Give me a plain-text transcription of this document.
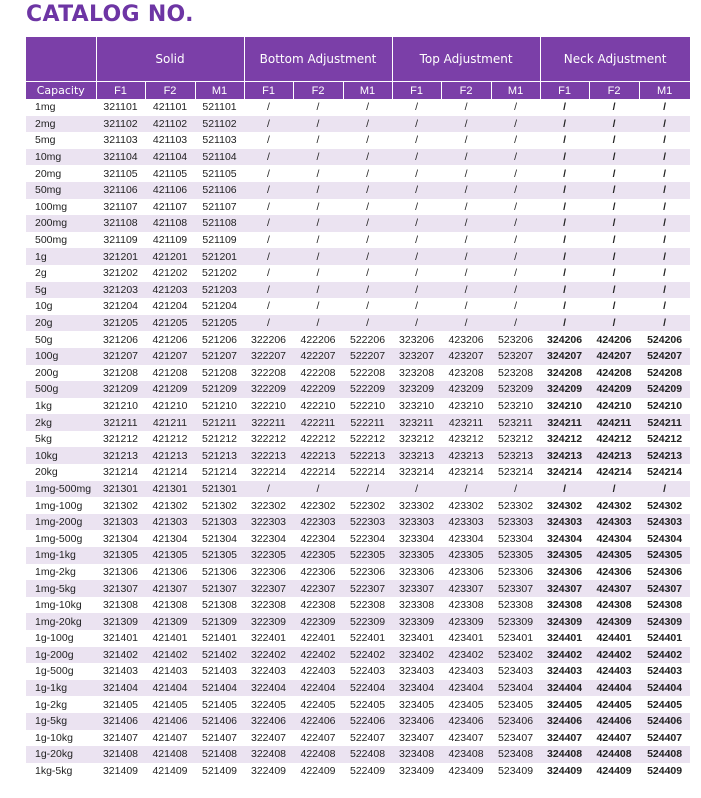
CATALOG NO.
	Solid			Bottom Adjustment			Top Adjustment			Neck Adjustment		
Capacity	F1	F2	M1	F1	F2	M1	F1	F2	M1	F1	F2	M1
1mg	321101	421101	521101	/	/	/	/	/	/	/	/	/
2mg	321102	421102	521102	/	/	/	/	/	/	/	/	/
5mg	321103	421103	521103	/	/	/	/	/	/	/	/	/
10mg	321104	421104	521104	/	/	/	/	/	/	/	/	/
20mg	321105	421105	521105	/	/	/	/	/	/	/	/	/
50mg	321106	421106	521106	/	/	/	/	/	/	/	/	/
100mg	321107	421107	521107	/	/	/	/	/	/	/	/	/
200mg	321108	421108	521108	/	/	/	/	/	/	/	/	/
500mg	321109	421109	521109	/	/	/	/	/	/	/	/	/
1g	321201	421201	521201	/	/	/	/	/	/	/	/	/
2g	321202	421202	521202	/	/	/	/	/	/	/	/	/
5g	321203	421203	521203	/	/	/	/	/	/	/	/	/
10g	321204	421204	521204	/	/	/	/	/	/	/	/	/
20g	321205	421205	521205	/	/	/	/	/	/	/	/	/
50g	321206	421206	521206	322206	422206	522206	323206	423206	523206	324206	424206	524206
100g	321207	421207	521207	322207	422207	522207	323207	423207	523207	324207	424207	524207
200g	321208	421208	521208	322208	422208	522208	323208	423208	523208	324208	424208	524208
500g	321209	421209	521209	322209	422209	522209	323209	423209	523209	324209	424209	524209
1kg	321210	421210	521210	322210	422210	522210	323210	423210	523210	324210	424210	524210
2kg	321211	421211	521211	322211	422211	522211	323211	423211	523211	324211	424211	524211
5kg	321212	421212	521212	322212	422212	522212	323212	423212	523212	324212	424212	524212
10kg	321213	421213	521213	322213	422213	522213	323213	423213	523213	324213	424213	524213
20kg	321214	421214	521214	322214	422214	522214	323214	423214	523214	324214	424214	524214
1mg-500mg	321301	421301	521301	/	/	/	/	/	/	/	/	/
1mg-100g	321302	421302	521302	322302	422302	522302	323302	423302	523302	324302	424302	524302
1mg-200g	321303	421303	521303	322303	422303	522303	323303	423303	523303	324303	424303	524303
1mg-500g	321304	421304	521304	322304	422304	522304	323304	423304	523304	324304	424304	524304
1mg-1kg	321305	421305	521305	322305	422305	522305	323305	423305	523305	324305	424305	524305
1mg-2kg	321306	421306	521306	322306	422306	522306	323306	423306	523306	324306	424306	524306
1mg-5kg	321307	421307	521307	322307	422307	522307	323307	423307	523307	324307	424307	524307
1mg-10kg	321308	421308	521308	322308	422308	522308	323308	423308	523308	324308	424308	524308
1mg-20kg	321309	421309	521309	322309	422309	522309	323309	423309	523309	324309	424309	524309
1g-100g	321401	421401	521401	322401	422401	522401	323401	423401	523401	324401	424401	524401
1g-200g	321402	421402	521402	322402	422402	522402	323402	423402	523402	324402	424402	524402
1g-500g	321403	421403	521403	322403	422403	522403	323403	423403	523403	324403	424403	524403
1g-1kg	321404	421404	521404	322404	422404	522404	323404	423404	523404	324404	424404	524404
1g-2kg	321405	421405	521405	322405	422405	522405	323405	423405	523405	324405	424405	524405
1g-5kg	321406	421406	521406	322406	422406	522406	323406	423406	523406	324406	424406	524406
1g-10kg	321407	421407	521407	322407	422407	522407	323407	423407	523407	324407	424407	524407
1g-20kg	321408	421408	521408	322408	422408	522408	323408	423408	523408	324408	424408	524408
1kg-5kg	321409	421409	521409	322409	422409	522409	323409	423409	523409	324409	424409	524409
